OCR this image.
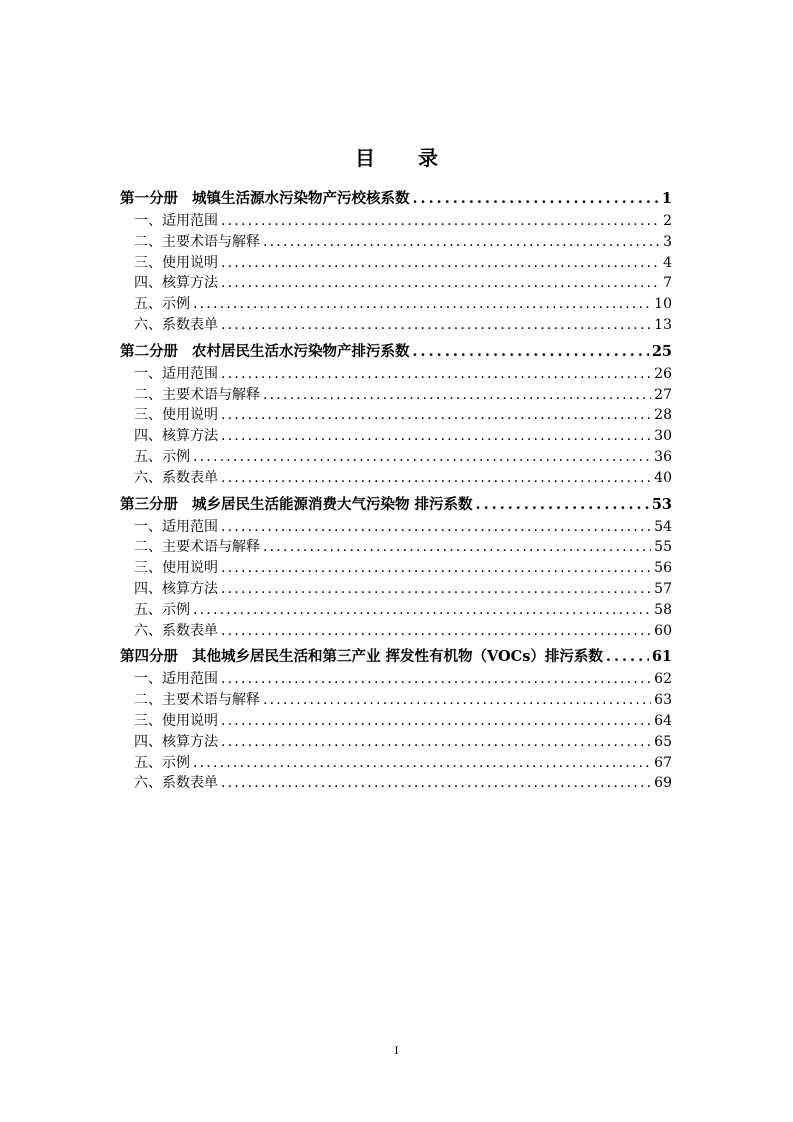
目 录
第一分册 城镇生活源水污染物产污校核系数 .....	1
一、适用范围 .....	2
二、主要术语与解释 .....	3
三、使用说明 .....	4
四、核算方法 .....	7
五、示例 .....	10
六、系数表单 .....	13
第二分册 农村居民生活水污染物产排污系数 .....	25
一、适用范围 .....	26
二、主要术语与解释 .....	27
三、使用说明 .....	28
四、核算方法 .....	30
五、示例 .....	36
六、系数表单 .....	40
第三分册 城乡居民生活能源消费大气污染物 排污系数 .....	53
一、适用范围 .....	54
二、主要术语与解释 .....	55
三、使用说明 .....	56
四、核算方法 .....	57
五、示例 .....	58
六、系数表单 .....	60
第四分册 其他城乡居民生活和第三产业 挥发性有机物（VOCs）排污系数 .....	61
一、适用范围 .....	62
二、主要术语与解释 .....	63
三、使用说明 .....	64
四、核算方法 .....	65
五、示例 .....	67
六、系数表单 .....	69
I
